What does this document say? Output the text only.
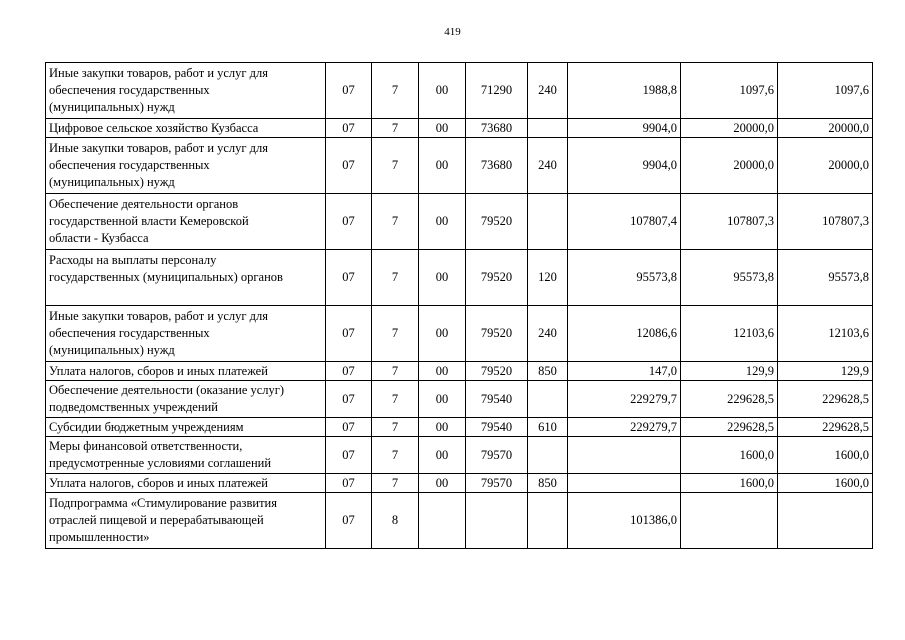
419
Иные закупки товаров, работ и услуг для
обеспечения государственных
(муниципальных) нужд	07	7	00	71290	240	1988,8	1097,6	1097,6

Цифровое сельское хозяйство Кузбасса	07	7	00	73680		9904,0	20000,0	20000,0

Иные закупки товаров, работ и услуг для
обеспечения государственных
(муниципальных) нужд	07	7	00	73680	240	9904,0	20000,0	20000,0

Обеспечение деятельности органов
государственной власти Кемеровской
области - Кузбасса	07	7	00	79520		107807,4	107807,3	107807,3

Расходы на выплаты персоналу
государственных (муниципальных) органов	07	7	00	79520	120	95573,8	95573,8	95573,8

Иные закупки товаров, работ и услуг для
обеспечения государственных
(муниципальных) нужд	07	7	00	79520	240	12086,6	12103,6	12103,6

Уплата налогов, сборов и иных платежей	07	7	00	79520	850	147,0	129,9	129,9

Обеспечение деятельности (оказание услуг)
подведомственных учреждений	07	7	00	79540		229279,7	229628,5	229628,5

Субсидии бюджетным учреждениям	07	7	00	79540	610	229279,7	229628,5	229628,5

Меры финансовой ответственности,
предусмотренные условиями соглашений	07	7	00	79570			1600,0	1600,0

Уплата налогов, сборов и иных платежей	07	7	00	79570	850		1600,0	1600,0

Подпрограмма «Стимулирование развития
отраслей пищевой и перерабатывающей
промышленности»	07	8				101386,0		
